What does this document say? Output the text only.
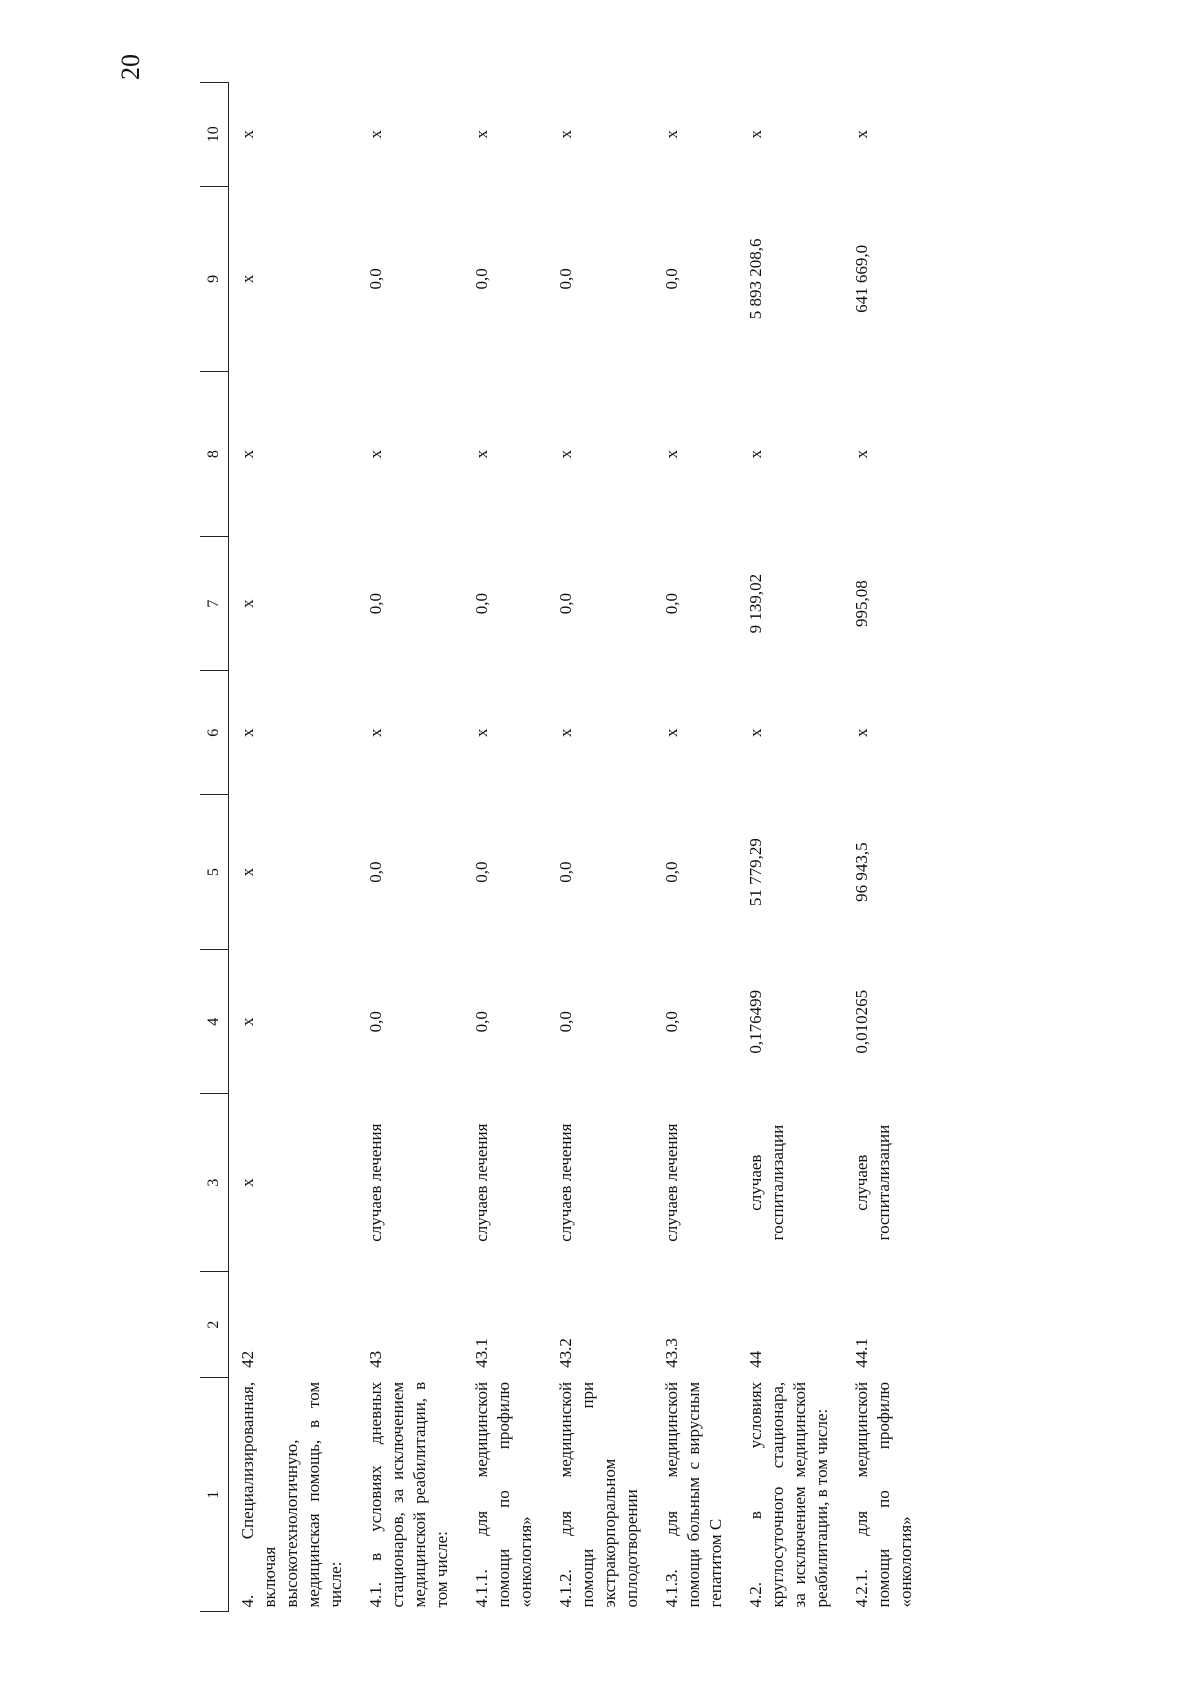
20
1	2	3	4	5	6	7	8	9	10
4. Специализированная, включая высокотехнологичную, медицинская помощь, в том числе:	42	х	х	х	х	х	х	х	х
4.1. в условиях дневных стационаров, за исключением медицинской реабилитации, в том числе:	43	случаев лечения	0,0	0,0	х	0,0	х	0,0	х
4.1.1. для медицинской помощи по профилю «онкология»	43.1	случаев лечения	0,0	0,0	х	0,0	х	0,0	х
4.1.2. для медицинской помощи при экстракорпоральном оплодотворении	43.2	случаев лечения	0,0	0,0	х	0,0	х	0,0	х
4.1.3. для медицинской помощи больным с вирусным гепатитом С	43.3	случаев лечения	0,0	0,0	х	0,0	х	0,0	х
4.2. в условиях круглосуточного стационара, за исключением медицинской реабилитации, в том числе:	44	случаев госпитализации	0,176499	51 779,29	х	9 139,02	х	5 893 208,6	х
4.2.1. для медицинской помощи по профилю «онкология»	44.1	случаев госпитализации	0,010265	96 943,5	х	995,08	х	641 669,0	х
